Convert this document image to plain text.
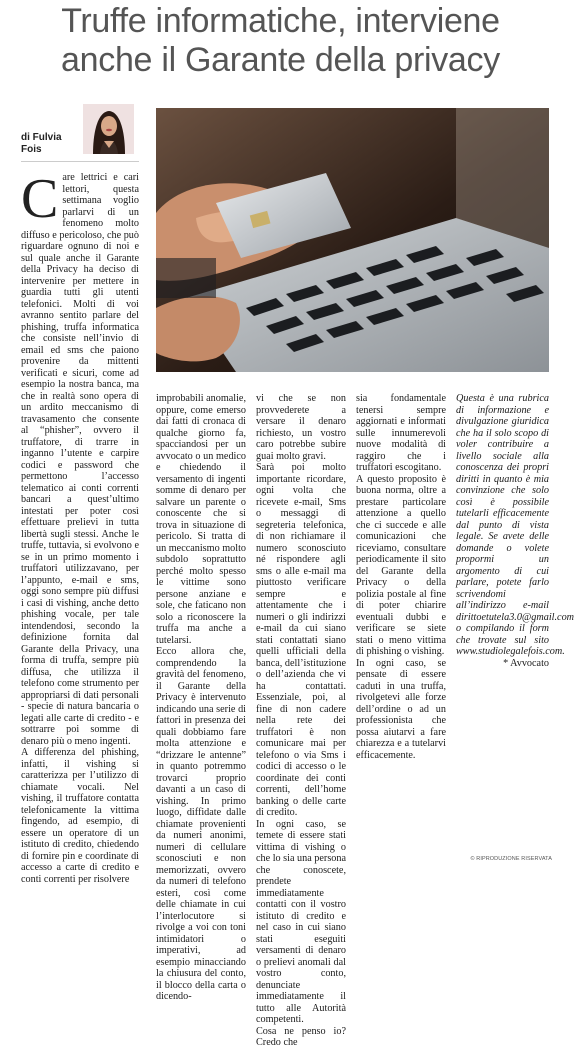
Truffe informatiche, interviene
anche il Garante della privacy
di Fulvia
Fois
C are lettrici e cari lettori, questa settimana voglio parlarvi di un fenomeno molto diffuso e pericoloso, che può riguardare ognuno di noi e sul quale anche il Garante della Privacy ha deciso di intervenire per mettere in guardia tutti gli utenti telefonici. Molti di voi avranno sentito parlare del phishing, truffa informatica che consiste nell’invio di email ed sms che paiono provenire da mittenti verificati e sicuri, come ad esempio la nostra banca, ma che in realtà sono opera di un ardito meccanismo di travasamento che consente al “phisher”, ovvero il truffatore, di trarre in inganno l’utente e carpire codici e password che permettono l’accesso telematico ai conti correnti bancari a quest’ultimo intestati per poter così effettuare prelievi in tutta libertà sugli stessi. Anche le truffe, tuttavia, si evolvono e se in un primo momento i truffatori utilizzavano, per l’appunto, e-mail e sms, oggi sono sempre più diffusi i casi di vishing, anche detto phishing vocale, per tale intendendosi, secondo la definizione fornita dal Garante della Privacy, una forma di truffa, sempre più diffusa, che utilizza il telefono come strumento per appropriarsi di dati personali - specie di natura bancaria o legati alle carte di credito - e sottrarre poi somme di denaro più o meno ingenti.

A differenza del phishing, infatti, il vishing si caratterizza per l’utilizzo di chiamate vocali. Nel vishing, il truffatore contatta telefonicamente la vittima fingendo, ad esempio, di essere un operatore di un istituto di credito, chiedendo di fornire pin e coordinate di accesso a carte di credito e conti correnti per risolvere

improbabili anomalie, oppure, come emerso dai fatti di cronaca di qualche giorno fa, spacciandosi per un avvocato o un medico e chiedendo il versamento di ingenti somme di denaro per salvare un parente o conoscente che si trova in situazione di pericolo. Si tratta di un meccanismo molto subdolo soprattutto perché molto spesso le vittime sono persone anziane e sole, che faticano non solo a riconoscere la truffa ma anche a tutelarsi.

Ecco allora che, comprendendo la gravità del fenomeno, il Garante della Privacy è intervenuto indicando una serie di fattori in presenza dei quali dobbiamo fare molta attenzione e “drizzare le antenne” in quanto potremmo trovarci proprio davanti a un caso di vishing. In primo luogo, diffidate dalle chiamate provenienti da numeri anonimi, numeri di cellulare sconosciuti e non memorizzati, ovvero da numeri di telefono esteri, così come delle chiamate in cui l’interlocutore si rivolge a voi con toni intimidatori o imperativi, ad esempio minacciando la chiusura del conto, il blocco della carta o dicendo-

vi che se non provvederete a versare il denaro richiesto, un vostro caro potrebbe subire guai molto gravi.

Sarà poi molto importante ricordare, ogni volta che ricevete e-mail, Sms o messaggi di segreteria telefonica, di non richiamare il numero sconosciuto né rispondere agli sms o alle e-mail ma piuttosto verificare sempre e attentamente che i numeri o gli indirizzi e-mail da cui siano stati contattati siano quelli ufficiali della banca, dell’istituzione o dell’azienda che vi ha contattati. Essenziale, poi, al fine di non cadere nella rete dei truffatori è non comunicare mai per telefono o via Sms i codici di accesso o le coordinate dei conti correnti, dell’home banking o delle carte di credito.

In ogni caso, se temete di essere stati vittima di vishing o che lo sia una persona che conoscete, prendete immediatamente contatti con il vostro istituto di credito e nel caso in cui siano stati eseguiti versamenti di denaro o prelievi anomali dal vostro conto, denunciate immediatamente il tutto alle Autorità competenti.

Cosa ne penso io? Credo che

sia fondamentale tenersi sempre aggiornati e informati sulle innumerevoli nuove modalità di raggiro che i truffatori escogitano.

A questo proposito è buona norma, oltre a prestare particolare attenzione a quello che ci succede e alle comunicazioni che riceviamo, consultare periodicamente il sito del Garante della Privacy o della polizia postale al fine di poter chiarire eventuali dubbi e verificare se siete stati o meno vittima di phishing o vishing.

In ogni caso, se pensate di essere caduti in una truffa, rivolgetevi alle forze dell’ordine o ad un professionista che possa aiutarvi a fare chiarezza e a tutelarvi efficacemente.

Questa è una rubrica di informazione e divulgazione giuridica che ha il solo scopo di voler contribuire a livello sociale alla conoscenza dei propri diritti in quanto è mia convinzione che solo così è possibile tutelarli efficacemente dal punto di vista legale. Se avete delle domande o volete propormi un argomento di cui parlare, potete farlo scrivendomi all’indirizzo e-mail dirittoetutela3.0@gmail.com o compilando il form che trovate sul sito www.studiolegalefois.com.

* Avvocato

© RIPRODUZIONE RISERVATA
